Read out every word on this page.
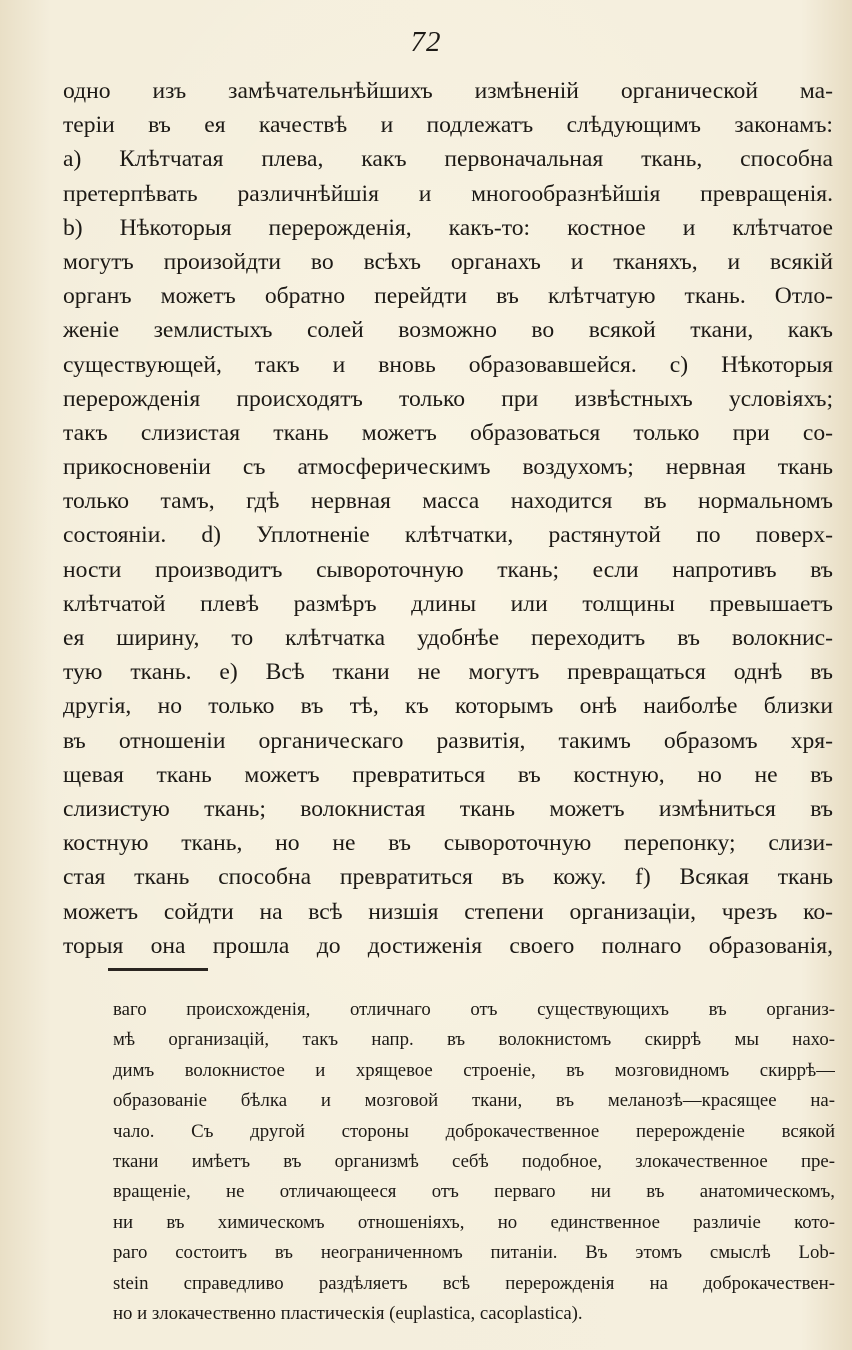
72
одно изъ замѣчательнѣйшихъ измѣненій органической ма-
теріи въ ея качествѣ и подлежатъ слѣдующимъ законамъ:
a) Клѣтчатая плева, какъ первоначальная ткань, способна
претерпѣвать различнѣйшія и многообразнѣйшія превращенія.
b) Нѣкоторыя перерожденія, какъ-то: костное и клѣтчатое
могутъ произойдти во всѣхъ органахъ и тканяхъ, и всякій
органъ можетъ обратно перейдти въ клѣтчатую ткань. Отло-
женіе землистыхъ солей возможно во всякой ткани, какъ
существующей, такъ и вновь образовавшейся. c) Нѣкоторыя
перерожденія происходятъ только при извѣстныхъ условіяхъ;
такъ слизистая ткань можетъ образоваться только при со-
прикосновеніи съ атмосферическимъ воздухомъ; нервная ткань
только тамъ, гдѣ нервная масса находится въ нормальномъ
состояніи. d) Уплотненіе клѣтчатки, растянутой по поверх-
ности производитъ сывороточную ткань; если напротивъ въ
клѣтчатой плевѣ размѣръ длины или толщины превышаетъ
ея ширину, то клѣтчатка удобнѣе переходитъ въ волокнис-
тую ткань. e) Всѣ ткани не могутъ превращаться однѣ въ
другія, но только въ тѣ, къ которымъ онѣ наиболѣе близки
въ отношеніи органическаго развитія, такимъ образомъ хря-
щевая ткань можетъ превратиться въ костную, но не въ
слизистую ткань; волокнистая ткань можетъ измѣниться въ
костную ткань, но не въ сывороточную перепонку; слизи-
стая ткань способна превратиться въ кожу. f) Всякая ткань
можетъ сойдти на всѣ низшія степени организаціи, чрезъ ко-
торыя она прошла до достиженія своего полнаго образованія,
ваго происхожденія, отличнаго отъ существующихъ въ организ-
мѣ организацій, такъ напр. въ волокнистомъ скиррѣ мы нахо-
димъ волокнистое и хрящевое строеніе, въ мозговидномъ скиррѣ—
образованіе бѣлка и мозговой ткани, въ меланозѣ—красящее на-
чало. Съ другой стороны доброкачественное перерожденіе всякой
ткани имѣетъ въ организмѣ себѣ подобное, злокачественное пре-
вращеніе, не отличающееся отъ перваго ни въ анатомическомъ,
ни въ химическомъ отношеніяхъ, но единственное различіе кото-
раго состоитъ въ неограниченномъ питаніи. Въ этомъ смыслѣ Lob-
stein справедливо раздѣляетъ всѣ перерожденія на доброкачествен-
но и злокачественно пластическія (euplastica, cacoplastica).
